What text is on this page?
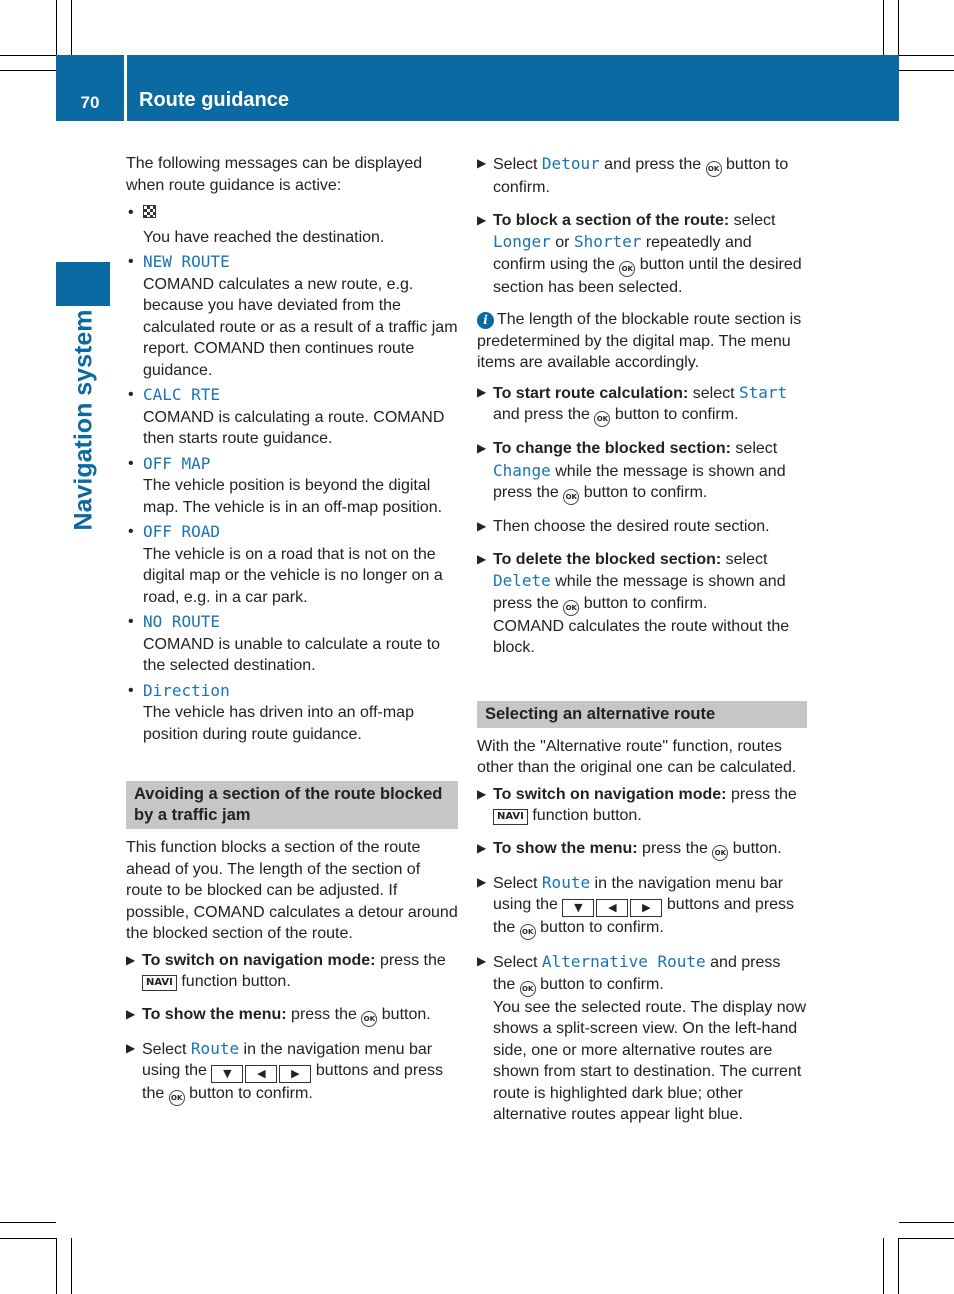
70	Route guidance
Navigation system

The following messages can be displayed when route guidance is active:

•
You have reached the destination.
• NEW ROUTE
COMAND calculates a new route, e.g. because you have deviated from the calculated route or as a result of a traffic jam report. COMAND then continues route guidance.
• CALC RTE
COMAND is calculating a route. COMAND then starts route guidance.
• OFF MAP
The vehicle position is beyond the digital map. The vehicle is in an off-map position.
• OFF ROAD
The vehicle is on a road that is not on the digital map or the vehicle is no longer on a road, e.g. in a car park.
• NO ROUTE
COMAND is unable to calculate a route to the selected destination.
• Direction
The vehicle has driven into an off-map position during route guidance.
Avoiding a section of the route blocked by a traffic jam

This function blocks a section of the route ahead of you. The length of the section of route to be blocked can be adjusted. If possible, COMAND calculates a detour around the blocked section of the route.

▶ To switch on navigation mode: press the NAVI function button.
▶ To show the menu: press the OK button.
▶ Select Route in the navigation menu bar using the ▼ ◀ ▶ buttons and press the OK button to confirm.
▶ Select Detour and press the OK button to confirm.
▶ To block a section of the route: select Longer or Shorter repeatedly and confirm using the OK button until the desired section has been selected.
i The length of the blockable route section is predetermined by the digital map. The menu items are available accordingly.
▶ To start route calculation: select Start and press the OK button to confirm.
▶ To change the blocked section: select Change while the message is shown and press the OK button to confirm.
▶ Then choose the desired route section.
▶ To delete the blocked section: select Delete while the message is shown and press the OK button to confirm.
COMAND calculates the route without the block.
Selecting an alternative route

With the "Alternative route" function, routes other than the original one can be calculated.

▶ To switch on navigation mode: press the NAVI function button.
▶ To show the menu: press the OK button.
▶ Select Route in the navigation menu bar using the ▼ ◀ ▶ buttons and press the OK button to confirm.
▶ Select Alternative Route and press the OK button to confirm.
You see the selected route. The display now shows a split-screen view. On the left-hand side, one or more alternative routes are shown from start to destination. The current route is highlighted dark blue; other alternative routes appear light blue.
